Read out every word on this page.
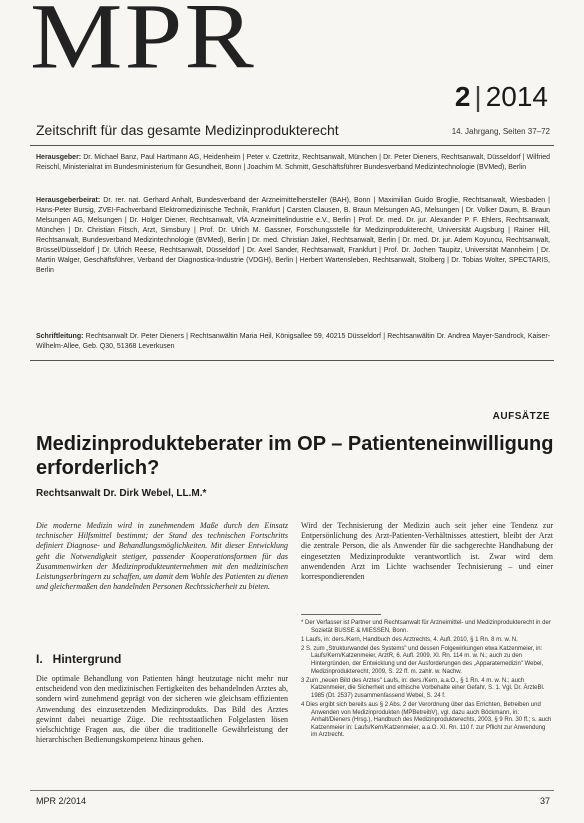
MPR
2 | 2014
Zeitschrift für das gesamte Medizinprodukterecht	14. Jahrgang, Seiten 37–72
Herausgeber: Dr. Michael Banz, Paul Hartmann AG, Heidenheim | Peter v. Czettritz, Rechtsanwalt, München | Dr. Peter Dieners, Rechtsanwalt, Düsseldorf | Wilfried Reischl, Ministerialrat im Bundesministerium für Gesundheit, Bonn | Joachim M. Schmitt, Geschäftsführer Bundesverband Medizintechnologie (BVMed), Berlin
Herausgeberbeirat: Dr. rer. nat. Gerhard Anhalt, Bundesverband der Arzneimittelhersteller (BAH), Bonn | Maximilian Guido Broglie, Rechtsanwalt, Wiesbaden | Hans-Peter Bursig, ZVEI-Fachverband Elektromedizinische Technik, Frankfurt | Carsten Clausen, B. Braun Melsungen AG, Melsungen | Dr. Volker Daum, B. Braun Melsungen AG, Melsungen | Dr. Holger Diener, Rechtsanwalt, VfA Arzneimittelindustrie e.V., Berlin | Prof. Dr. med. Dr. jur. Alexander P. F. Ehlers, Rechtsanwalt, München | Dr. Christian Fitsch, Arzt, Simsbury | Prof. Dr. Ulrich M. Gassner, Forschungsstelle für Medizinprodukterecht, Universität Augsburg | Rainer Hill, Rechtsanwalt, Bundesverband Medizintechnologie (BVMed), Berlin | Dr. med. Christian Jäkel, Rechtsanwalt, Berlin | Dr. med. Dr. jur. Adem Koyuncu, Rechtsanwalt, Brüssel/Düsseldorf | Dr. Ulrich Reese, Rechtsanwalt, Düsseldorf | Dr. Axel Sander, Rechtsanwalt, Frankfurt | Prof. Dr. Jochen Taupitz, Universität Mannheim | Dr. Martin Walger, Geschäftsführer, Verband der Diagnostica-Industrie (VDGH), Berlin | Herbert Wartensleben, Rechtsanwalt, Stolberg | Dr. Tobias Wolter, SPECTARIS, Berlin
Schriftleitung: Rechtsanwalt Dr. Peter Dieners | Rechtsanwältin Maria Heil, Königsallee 59, 40215 Düsseldorf | Rechtsanwältin Dr. Andrea Mayer-Sandrock, Kaiser-Wilhelm-Allee, Geb. Q30, 51368 Leverkusen
AUFSÄTZE
Medizinprodukteberater im OP – Patienteneinwilligung erforderlich?
Rechtsanwalt Dr. Dirk Webel, LL.M.*
Die moderne Medizin wird in zunehmendem Maße durch den Einsatz technischer Hilfsmittel bestimmt; der Stand des technischen Fortschritts definiert Diagnose- und Behandlungsmöglichkeiten. Mit dieser Entwicklung geht die Notwendigkeit stetiger, passender Kooperationsformen für das Zusammenwirken der Medizinprodukteunternehmen mit den medizinischen Leistungserbringern zu schaffen, um damit dem Wohle des Patienten zu dienen und gleichermaßen den handelnden Personen Rechtssicherheit zu bieten.
I. Hintergrund
Die optimale Behandlung von Patienten hängt heutzutage nicht mehr nur entscheidend von den medizinischen Fertigkeiten des behandelnden Arztes ab, sondern wird zunehmend geprägt von der sicheren wie gleichsam effizienten Anwendung des einzusetzenden Medizinprodukts. Das Bild des Arztes gewinnt dabei neuartige Züge. Die rechtsstaatlichen Folgelasten lösen vielschichtige Fragen aus, die über die traditionelle Gewährleistung der hierarchischen Bedienungskompetenz hinaus gehen.
Wird der Technisierung der Medizin auch seit jeher eine Tendenz zur Entpersönlichung des Arzt-Patienten-Verhältnisses attestiert, bleibt der Arzt die zentrale Person, die als Anwender für die sachgerechte Handhabung der eingesetzten Medizinprodukte verantwortlich ist. Zwar wird dem anwendenden Arzt im Lichte wachsender Technisierung – und einer korrespondierenden
* Der Verfasser ist Partner und Rechtsanwalt für Arzneimittel- und Medizinprodukterecht in der Sozietät BUSSE & MIESSEN, Bonn.
1 Laufs, in: ders./Kern, Handbuch des Arztrechts, 4. Aufl. 2010, § 1 Rn. 8 m. w. N.
2 S. zum „Strukturwandel des Systems" und dessen Folgewirkungen etwa Katzenmeier, in: Laufs/Kern/Katzenmeier, ArztR, 6. Aufl. 2009, XI. Rn. 114 m. w. N.; auch zu den Hintergründen, der Entwicklung und der Ausforderungen des „Apparatemedizin" Webel, Medizinprodukterecht, 2009, S. 22 ff. m. zahlr. w. Nachw.
3 Zum „neuen Bild des Arztes" Laufs, in: ders./Kern, a.a.O., § 1 Rn. 4 m. w. N.; auch Katzenmeier, die Sicherheit und ethische Vorbehalte einer Gefahr, S. 1. Vgl. Dr. ÄrzteBl. 1985 (Dt. 2537) zusammenfassend Webel, S. 24 f.
4 Dies ergibt sich bereits aus § 2 Abs. 2 der Verordnung über das Errichten, Betreiben und Anwenden von Medizinprodukten (MPBetreibV), vgl. dazu auch Böckmann, in: Anhalt/Dieners (Hrsg.), Handbuch des Medizinprodukterechts, 2003, § 9 Rn. 30 ff.; s. auch Katzenmeier in: Laufs/Kern/Katzenmeier, a.a.O. XI. Rn. 110 f. zur Pflicht zur Anwendung im Arztrecht.
MPR 2/2014	37
